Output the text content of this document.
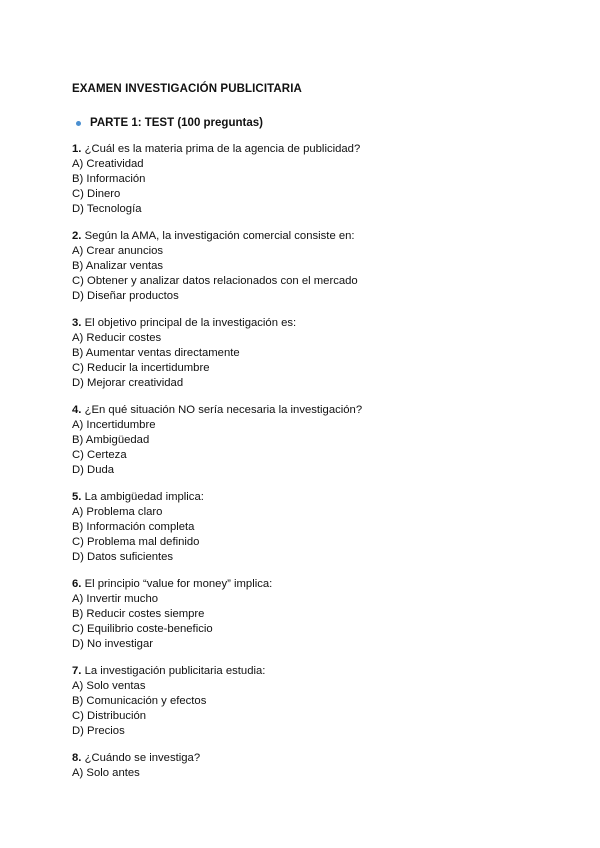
EXAMEN INVESTIGACIÓN PUBLICITARIA
PARTE 1: TEST (100 preguntas)

1. ¿Cuál es la materia prima de la agencia de publicidad?

A) Creatividad

B) Información

C) Dinero

D) Tecnología

2. Según la AMA, la investigación comercial consiste en:

A) Crear anuncios

B) Analizar ventas

C) Obtener y analizar datos relacionados con el mercado

D) Diseñar productos

3. El objetivo principal de la investigación es:

A) Reducir costes

B) Aumentar ventas directamente

C) Reducir la incertidumbre

D) Mejorar creatividad

4. ¿En qué situación NO sería necesaria la investigación?

A) Incertidumbre

B) Ambigüedad

C) Certeza

D) Duda

5. La ambigüedad implica:

A) Problema claro

B) Información completa

C) Problema mal definido

D) Datos suficientes

6. El principio “value for money” implica:

A) Invertir mucho

B) Reducir costes siempre

C) Equilibrio coste-beneficio

D) No investigar

7. La investigación publicitaria estudia:

A) Solo ventas

B) Comunicación y efectos

C) Distribución

D) Precios

8. ¿Cuándo se investiga?

A) Solo antes
